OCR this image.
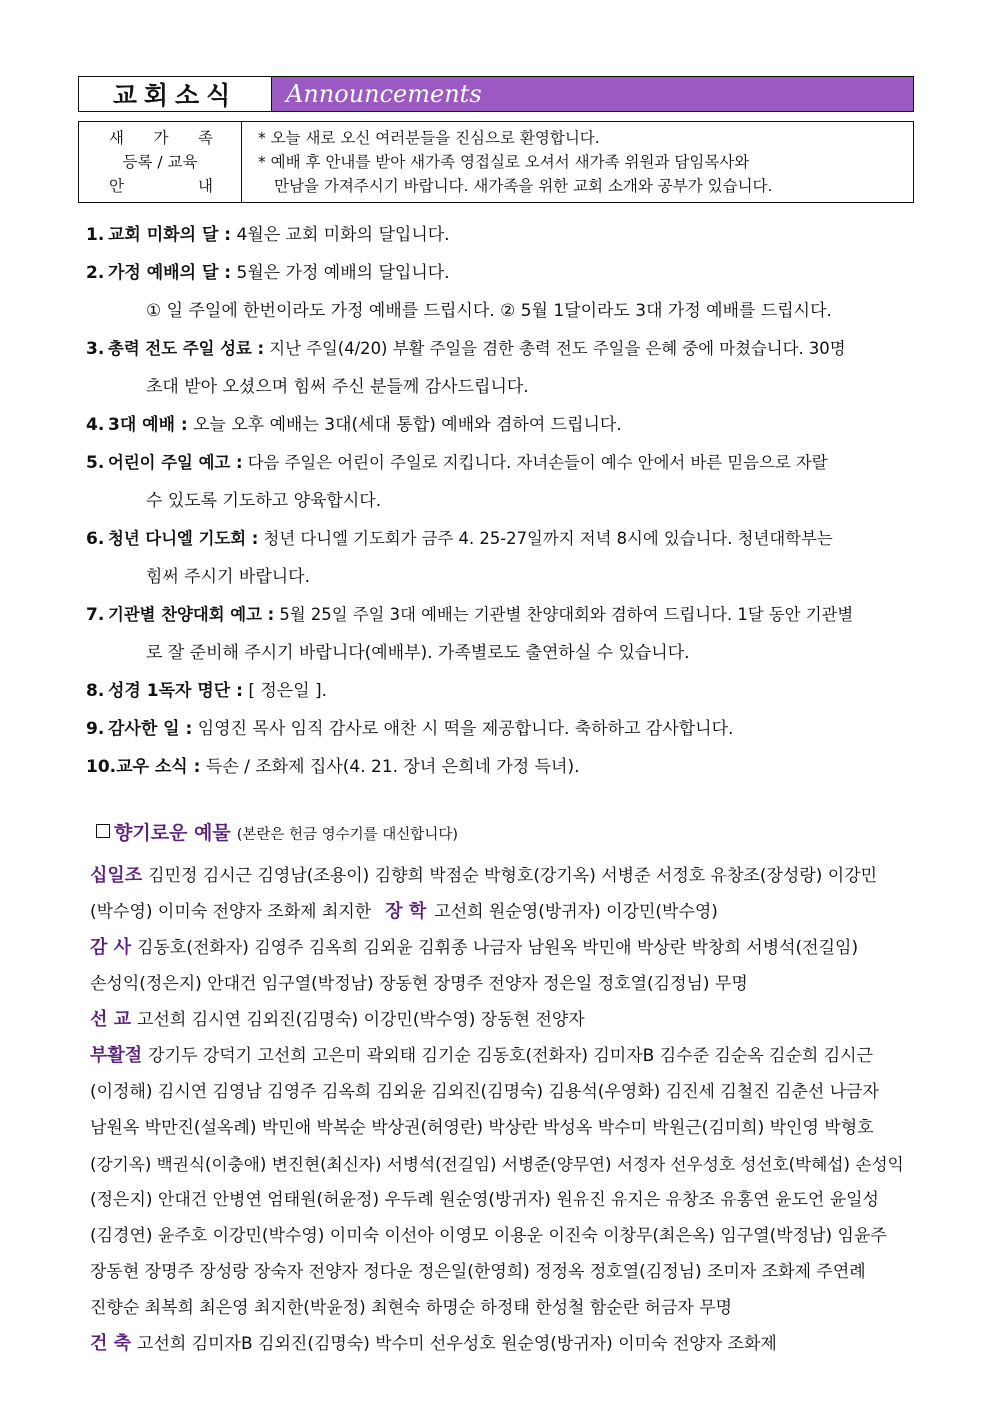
교회소식	Announcements
새 가 족
등록 / 교육
안	내
* 오늘 새로 오신 여러분들을 진심으로 환영합니다.
* 예배 후 안내를 받아 새가족 영접실로 오셔서 새가족 위원과 담임목사와
만남을 가져주시기 바랍니다. 새가족을 위한 교회 소개와 공부가 있습니다.
1. 교회 미화의 달 : 4월은 교회 미화의 달입니다.
2. 가정 예배의 달 : 5월은 가정 예배의 달입니다.
① 일 주일에 한번이라도 가정 예배를 드립시다. ② 5월 1달이라도 3대 가정 예배를 드립시다.
3. 총력 전도 주일 성료 : 지난 주일(4/20) 부활 주일을 겸한 총력 전도 주일을 은혜 중에 마쳤습니다. 30명
초대 받아 오셨으며 힘써 주신 분들께 감사드립니다.
4. 3대 예배 : 오늘 오후 예배는 3대(세대 통합) 예배와 겸하여 드립니다.
5. 어린이 주일 예고 : 다음 주일은 어린이 주일로 지킵니다. 자녀손들이 예수 안에서 바른 믿음으로 자랄
수 있도록 기도하고 양육합시다.
6. 청년 다니엘 기도회 : 청년 다니엘 기도회가 금주 4. 25-27일까지 저녁 8시에 있습니다. 청년대학부는
힘써 주시기 바랍니다.
7. 기관별 찬양대회 예고 : 5월 25일 주일 3대 예배는 기관별 찬양대회와 겸하여 드립니다. 1달 동안 기관별
로 잘 준비해 주시기 바랍니다(예배부). 가족별로도 출연하실 수 있습니다.
8. 성경 1독자 명단 : [ 정은일 ].
9. 감사한 일 : 임영진 목사 임직 감사로 애찬 시 떡을 제공합니다. 축하하고 감사합니다.
10. 교우 소식 : 득손 / 조화제 집사(4. 21. 장녀 은희네 가정 득녀).
향기로운 예물 (본란은 헌금 영수기를 대신합니다)
십일조 김민정 김시근 김영남(조용이) 김향희 박점순 박형호(강기옥) 서병준 서정호 유창조(장성랑) 이강민
(박수영) 이미숙 전양자 조화제 최지한 장 학 고선희 원순영(방귀자) 이강민(박수영)
감 사 김동호(전화자) 김영주 김옥희 김외윤 김휘종 나금자 남원옥 박민애 박상란 박창희 서병석(전길임)
손성익(정은지) 안대건 임구열(박정남) 장동현 장명주 전양자 정은일 정호열(김정님) 무명
선 교 고선희 김시연 김외진(김명숙) 이강민(박수영) 장동현 전양자
부활절 강기두 강덕기 고선희 고은미 곽외태 김기순 김동호(전화자) 김미자B 김수준 김순옥 김순희 김시근
(이정해) 김시연 김영남 김영주 김옥희 김외윤 김외진(김명숙) 김용석(우영화) 김진세 김철진 김춘선 나금자
남원옥 박만진(설옥례) 박민애 박복순 박상권(허영란) 박상란 박성옥 박수미 박원근(김미희) 박인영 박형호
(강기옥) 백권식(이충애) 변진현(최신자) 서병석(전길임) 서병준(양무연) 서정자 선우성호 성선호(박혜섭) 손성익
(정은지) 안대건 안병연 엄태원(허윤정) 우두례 원순영(방귀자) 원유진 유지은 유창조 유홍연 윤도언 윤일성
(김경연) 윤주호 이강민(박수영) 이미숙 이선아 이영모 이용운 이진숙 이창무(최은옥) 임구열(박정남) 임윤주
장동현 장명주 장성랑 장숙자 전양자 정다운 정은일(한영희) 정정옥 정호열(김정님) 조미자 조화제 주연례
진향순 최복희 최은영 최지한(박윤정) 최현숙 하명순 하정태 한성철 함순란 허금자 무명
건 축 고선희 김미자B 김외진(김명숙) 박수미 선우성호 원순영(방귀자) 이미숙 전양자 조화제
